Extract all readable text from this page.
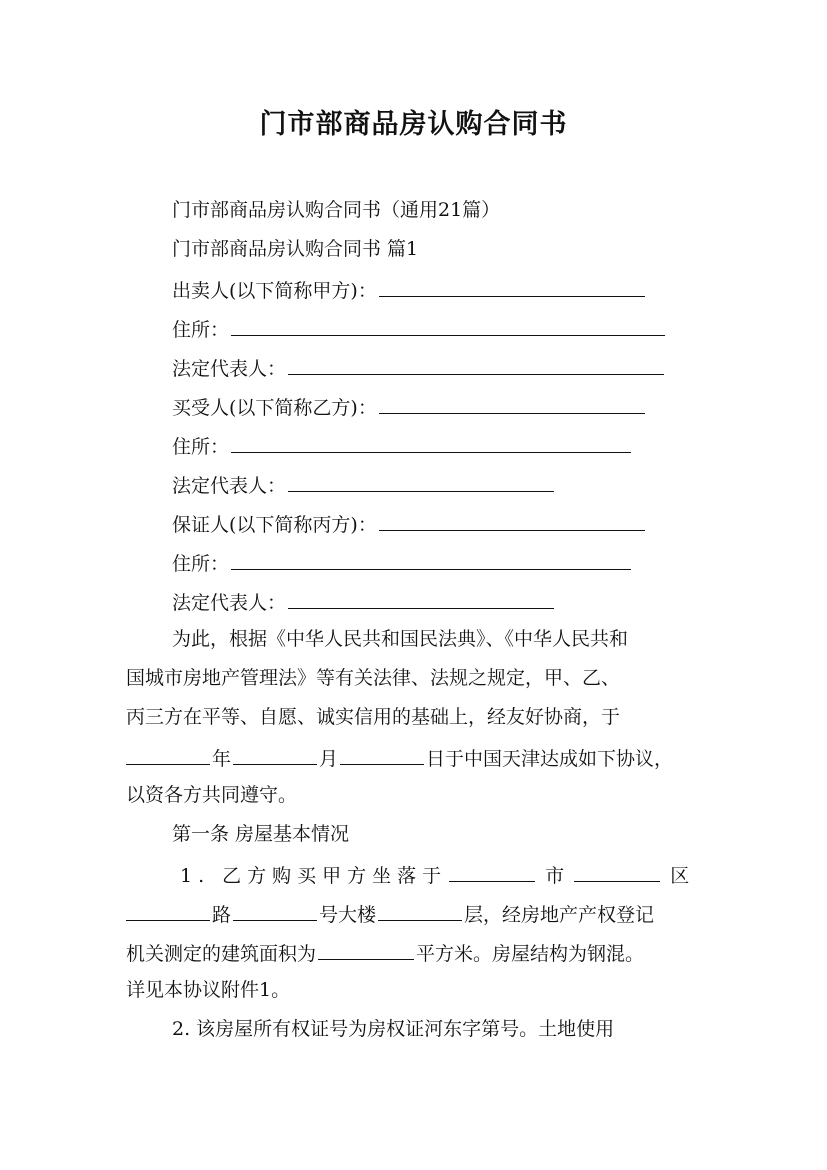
门市部商品房认购合同书
门市部商品房认购合同书（通用21篇）
门市部商品房认购合同书 篇1
出卖人(以下简称甲方)：
住所：
法定代表人：
买受人(以下简称乙方)：
住所：
法定代表人：
保证人(以下简称丙方)：
住所：
法定代表人：
为此，根据《中华人民共和国民法典》、《中华人民共和
国城市房地产管理法》等有关法律、法规之规定，甲、乙、
丙三方在平等、自愿、诚实信用的基础上，经友好协商，于
年	月	日于中国天津达成如下协议，
以资各方共同遵守。
第一条 房屋基本情况
1. 乙方购买甲方坐落于	市	区
路	号大楼	层，经房地产产权登记
机关测定的建筑面积为	平方米。房屋结构为钢混。
详见本协议附件1。
2. 该房屋所有权证号为房权证河东字第号。土地使用
